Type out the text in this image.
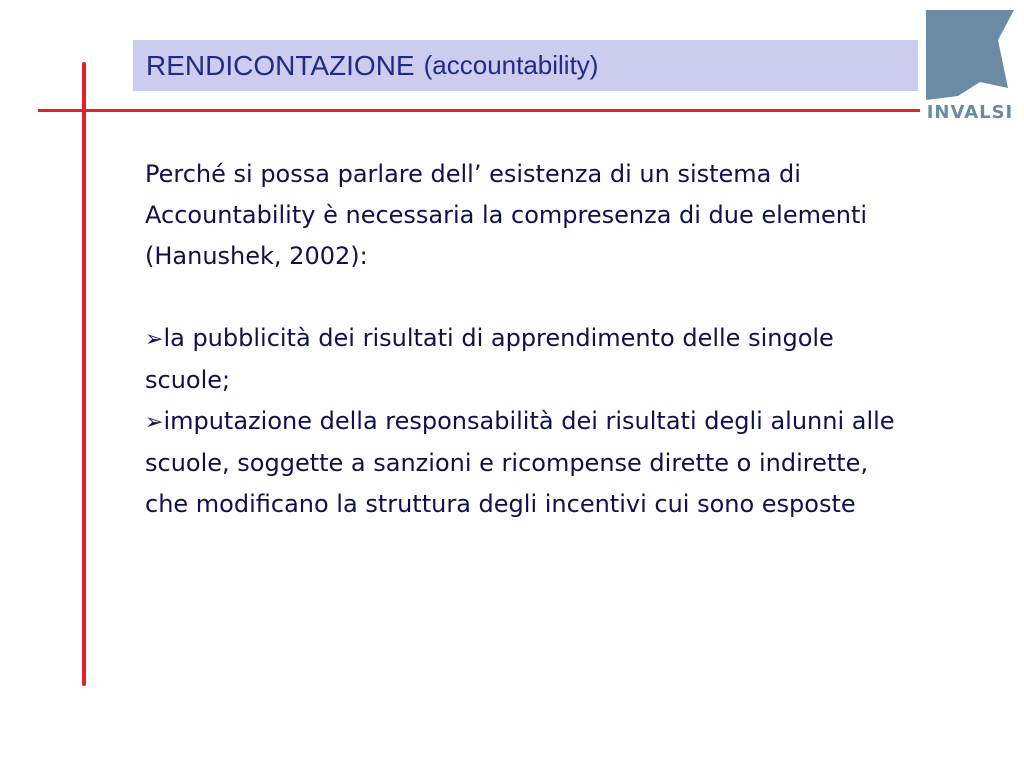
RENDICONTAZIONE (accountability)
INVALSI

Perché si possa parlare dell’ esistenza di un sistema di Accountability è necessaria la compresenza di due elementi (Hanushek, 2002):

➢la pubblicità dei risultati di apprendimento delle singole scuole;

➢imputazione della responsabilità dei risultati degli alunni alle scuole, soggette a sanzioni e ricompense dirette o indirette, che modificano la struttura degli incentivi cui sono esposte
